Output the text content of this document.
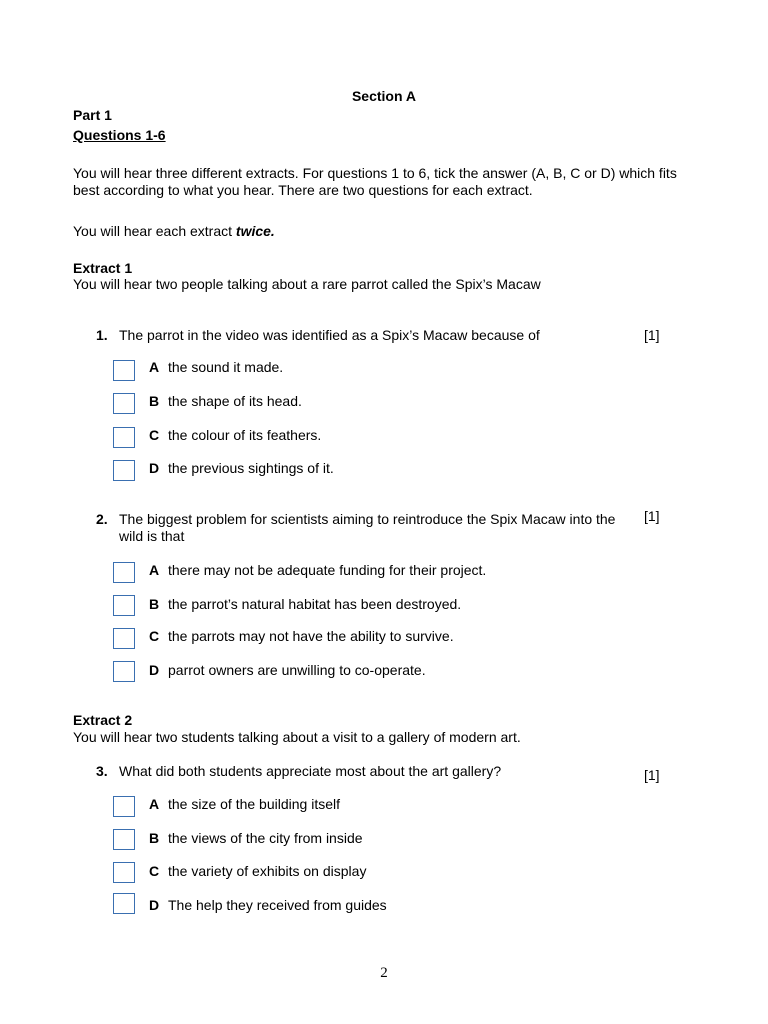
Section A
Part 1
Questions 1-6
You will hear three different extracts. For questions 1 to 6, tick the answer (A, B, C or D) which fits best according to what you hear. There are two questions for each extract.
You will hear each extract twice.
Extract 1
You will hear two people talking about a rare parrot called the Spix’s Macaw
1. The parrot in the video was identified as a Spix’s Macaw because of	[1]
A the sound it made.
B the shape of its head.
C the colour of its feathers.
D the previous sightings of it.
2. The biggest problem for scientists aiming to reintroduce the Spix Macaw into the wild is that
[1]
A there may not be adequate funding for their project.
B the parrot’s natural habitat has been destroyed.
C the parrots may not have the ability to survive.
D parrot owners are unwilling to co-operate.
Extract 2
You will hear two students talking about a visit to a gallery of modern art.
3. What did both students appreciate most about the art gallery?	[1]
A the size of the building itself
B the views of the city from inside
C the variety of exhibits on display
D The help they received from guides
2
